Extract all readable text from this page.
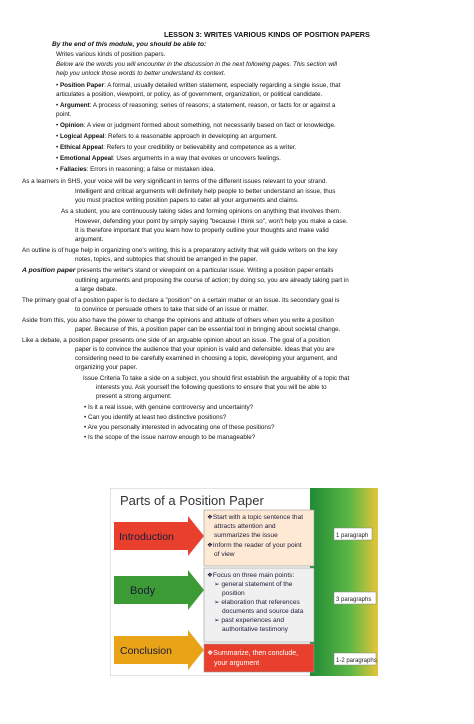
LESSON 3: WRITES VARIOUS KINDS OF POSITION PAPERS
By the end of this module, you should be able to:
Writes various kinds of position papers.
Below are the words you will encounter in the discussion in the next following pages. This section will
help you unlock those words to better understand its context.
• Position Paper: A formal, usually detailed written statement, especially regarding a single issue, that
articulates a position, viewpoint, or policy, as of government, organization, or political candidate.
• Argument: A process of reasoning; series of reasons; a statement, reason, or facts for or against a
point.
• Opinion: A view or judgment formed about something, not necessarily based on fact or knowledge.
• Logical Appeal: Refers to a reasonable approach in developing an argument.
• Ethical Appeal: Refers to your credibility or believability and competence as a writer.
• Emotional Appeal: Uses arguments in a way that evokes or uncovers feelings.
• Fallacies: Errors in reasoning; a false or mistaken idea.
As a learners in SHS, your voice will be very significant in terms of the different issues relevant to your strand.
Intelligent and critical arguments will definitely help people to better understand an issue, thus
you must practice writing position papers to cater all your arguments and claims.
As a student, you are continuously taking sides and forming opinions on anything that involves them.
However, defending your point by simply saying "because I think so", won't help you make a case.
It is therefore important that you learn how to properly outline your thoughts and make valid
argument.
An outline is of huge help in organizing one's writing, this is a preparatory activity that will guide writers on the key
notes, topics, and subtopics that should be arranged in the paper.
A position paper presents the writer's stand or viewpoint on a particular issue. Writing a position paper entails
outlining arguments and proposing the course of action; by doing so, you are already taking part in
a large debate.
The primary goal of a position paper is to declare a "position" on a certain matter or an issue. Its secondary goal is
to convince or persuade others to take that side of an issue or matter.
Aside from this, you also have the power to change the opinions and attitude of others when you write a position
paper. Because of this, a position paper can be essential tool in bringing about societal change.
Like a debate, a position paper presents one side of an arguable opinion about an issue. The goal of a position
paper is to convince the audience that your opinion is valid and defensible. Ideas that you are
considering need to be carefully examined in choosing a topic, developing your argument, and
organizing your paper.
Issue Criteria To take a side on a subject, you should first establish the arguability of a topic that
interests you. Ask yourself the following questions to ensure that you will be able to
present a strong argument:
• Is it a real issue, with genuine controversy and uncertainty?
• Can you identify at least two distinctive positions?
• Are you personally interested in advocating one of these positions?
• Is the scope of the issue narrow enough to be manageable?
Parts of a Position Paper
Introduction
❖Start with a topic sentence that
attracts attention and
summarizes the issue
❖Inform the reader of your point
of view
1 paragraph
Body
❖Focus on three main points:
➢ general statement of the
position
➢ elaboration that references
documents and source data
➢ past experiences and
authoritative testimony
3 paragraphs
Conclusion	❖Summarize, then conclude,
your argument	1-2 paragraphs
